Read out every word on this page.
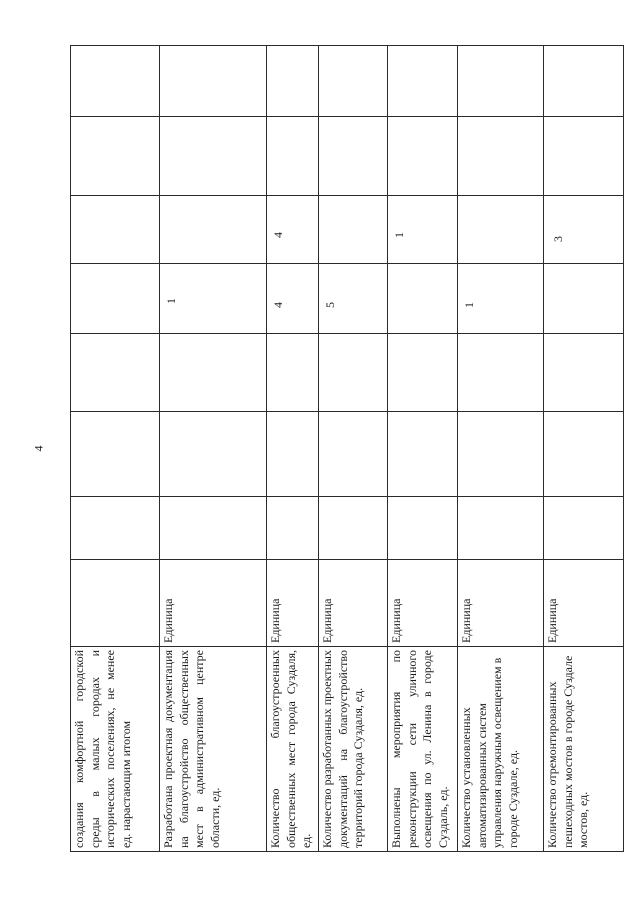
4
создания комфортной городской среды в малых городах и исторических поселениях, не менее ед. нарастающим итогом								
Разработана проектная документация на благоустройство общественных мест в административном центре области, ед.	Единица				1			

Количество благоустроенных общественных мест города Суздаля, ед.	Единица				4	4		

Количество разработанных проектных документаций на благоустройство территорий города Суздаля, ед.	Единица				5			

Выполнены мероприятия по реконструкции сети уличного освещения по ул. Ленина в городе Суздаль, ед.	Единица					1		

Количество установленных автоматизированных систем управления наружным освещением в городе Суздале, ед.	Единица				1			

Количество отремонтированных пешеходных мостов в городе Суздале мостов, ед.	Единица					3		
